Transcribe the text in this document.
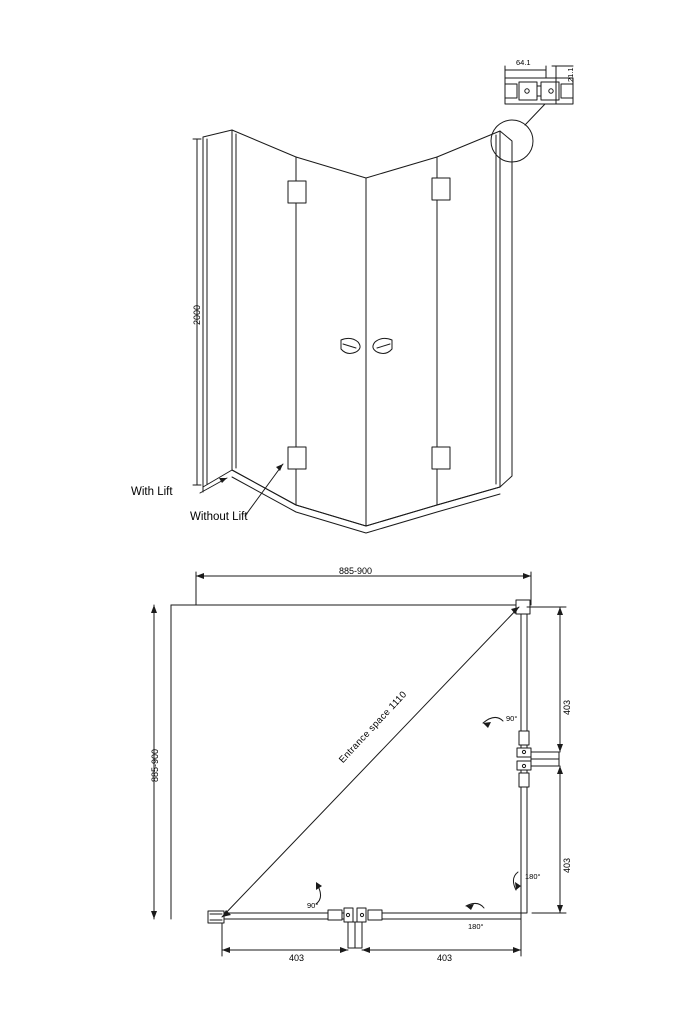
2000
With Lift
Without Lift
64.1
21.1
885-900
885-900
403
403
403	403
Entrance space 1110	90°
180°
90°
180°
